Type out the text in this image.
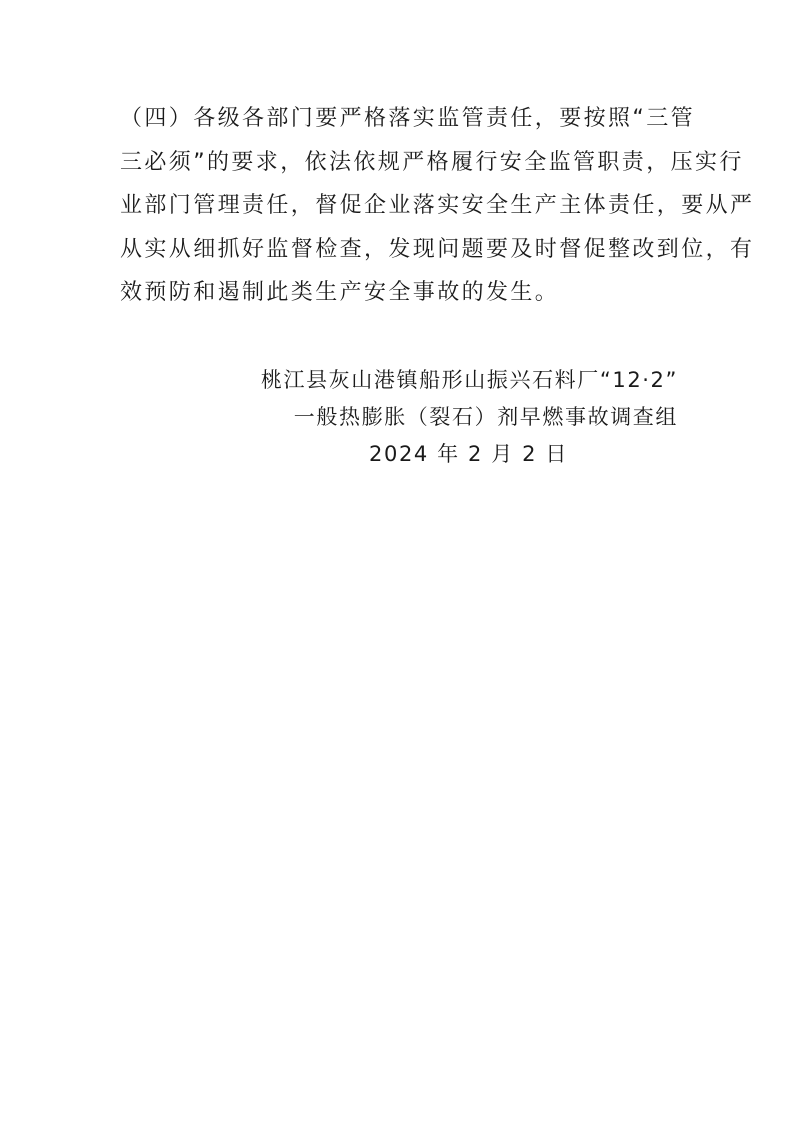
（四）各级各部门要严格落实监管责任，要按照“三管
三必须”的要求，依法依规严格履行安全监管职责，压实行
业部门管理责任，督促企业落实安全生产主体责任，要从严
从实从细抓好监督检查，发现问题要及时督促整改到位，有
效预防和遏制此类生产安全事故的发生。
桃江县灰山港镇船形山振兴石料厂“12·2”
一般热膨胀（裂石）剂早燃事故调查组
2024 年 2 月 2 日
